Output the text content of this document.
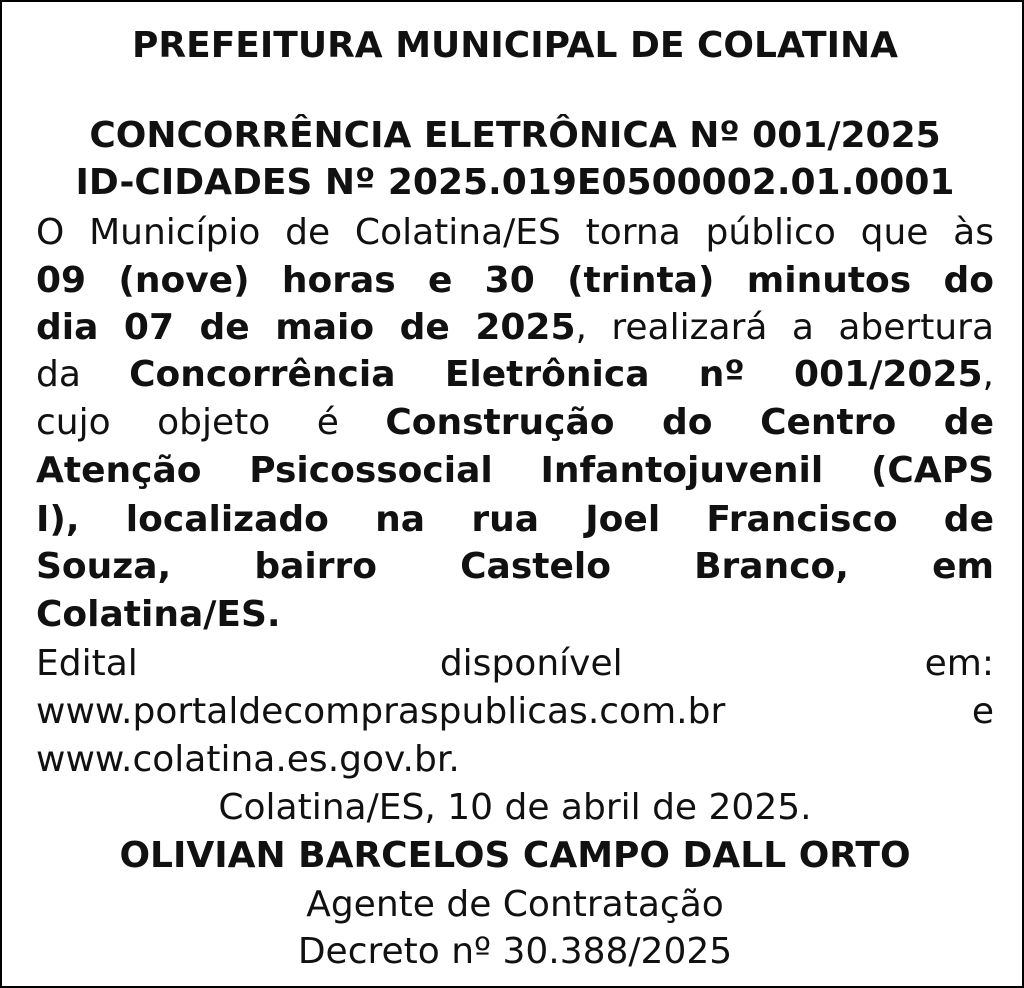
PREFEITURA MUNICIPAL DE COLATINA
CONCORRÊNCIA ELETRÔNICA Nº 001/2025
ID-CIDADES Nº 2025.019E0500002.01.0001
O Município de Colatina/ES torna público que às
09 (nove) horas e 30 (trinta) minutos do
dia 07 de maio de 2025, realizará a abertura
da Concorrência Eletrônica nº 001/2025,
cujo objeto é Construção do Centro de
Atenção Psicossocial Infantojuvenil (CAPS
I), localizado na rua Joel Francisco de
Souza, bairro Castelo Branco, em
Colatina/ES.
Edital disponível em:
www.portaldecompraspublicas.com.br e
www.colatina.es.gov.br.
Colatina/ES, 10 de abril de 2025.
OLIVIAN BARCELOS CAMPO DALL ORTO
Agente de Contratação
Decreto nº 30.388/2025
